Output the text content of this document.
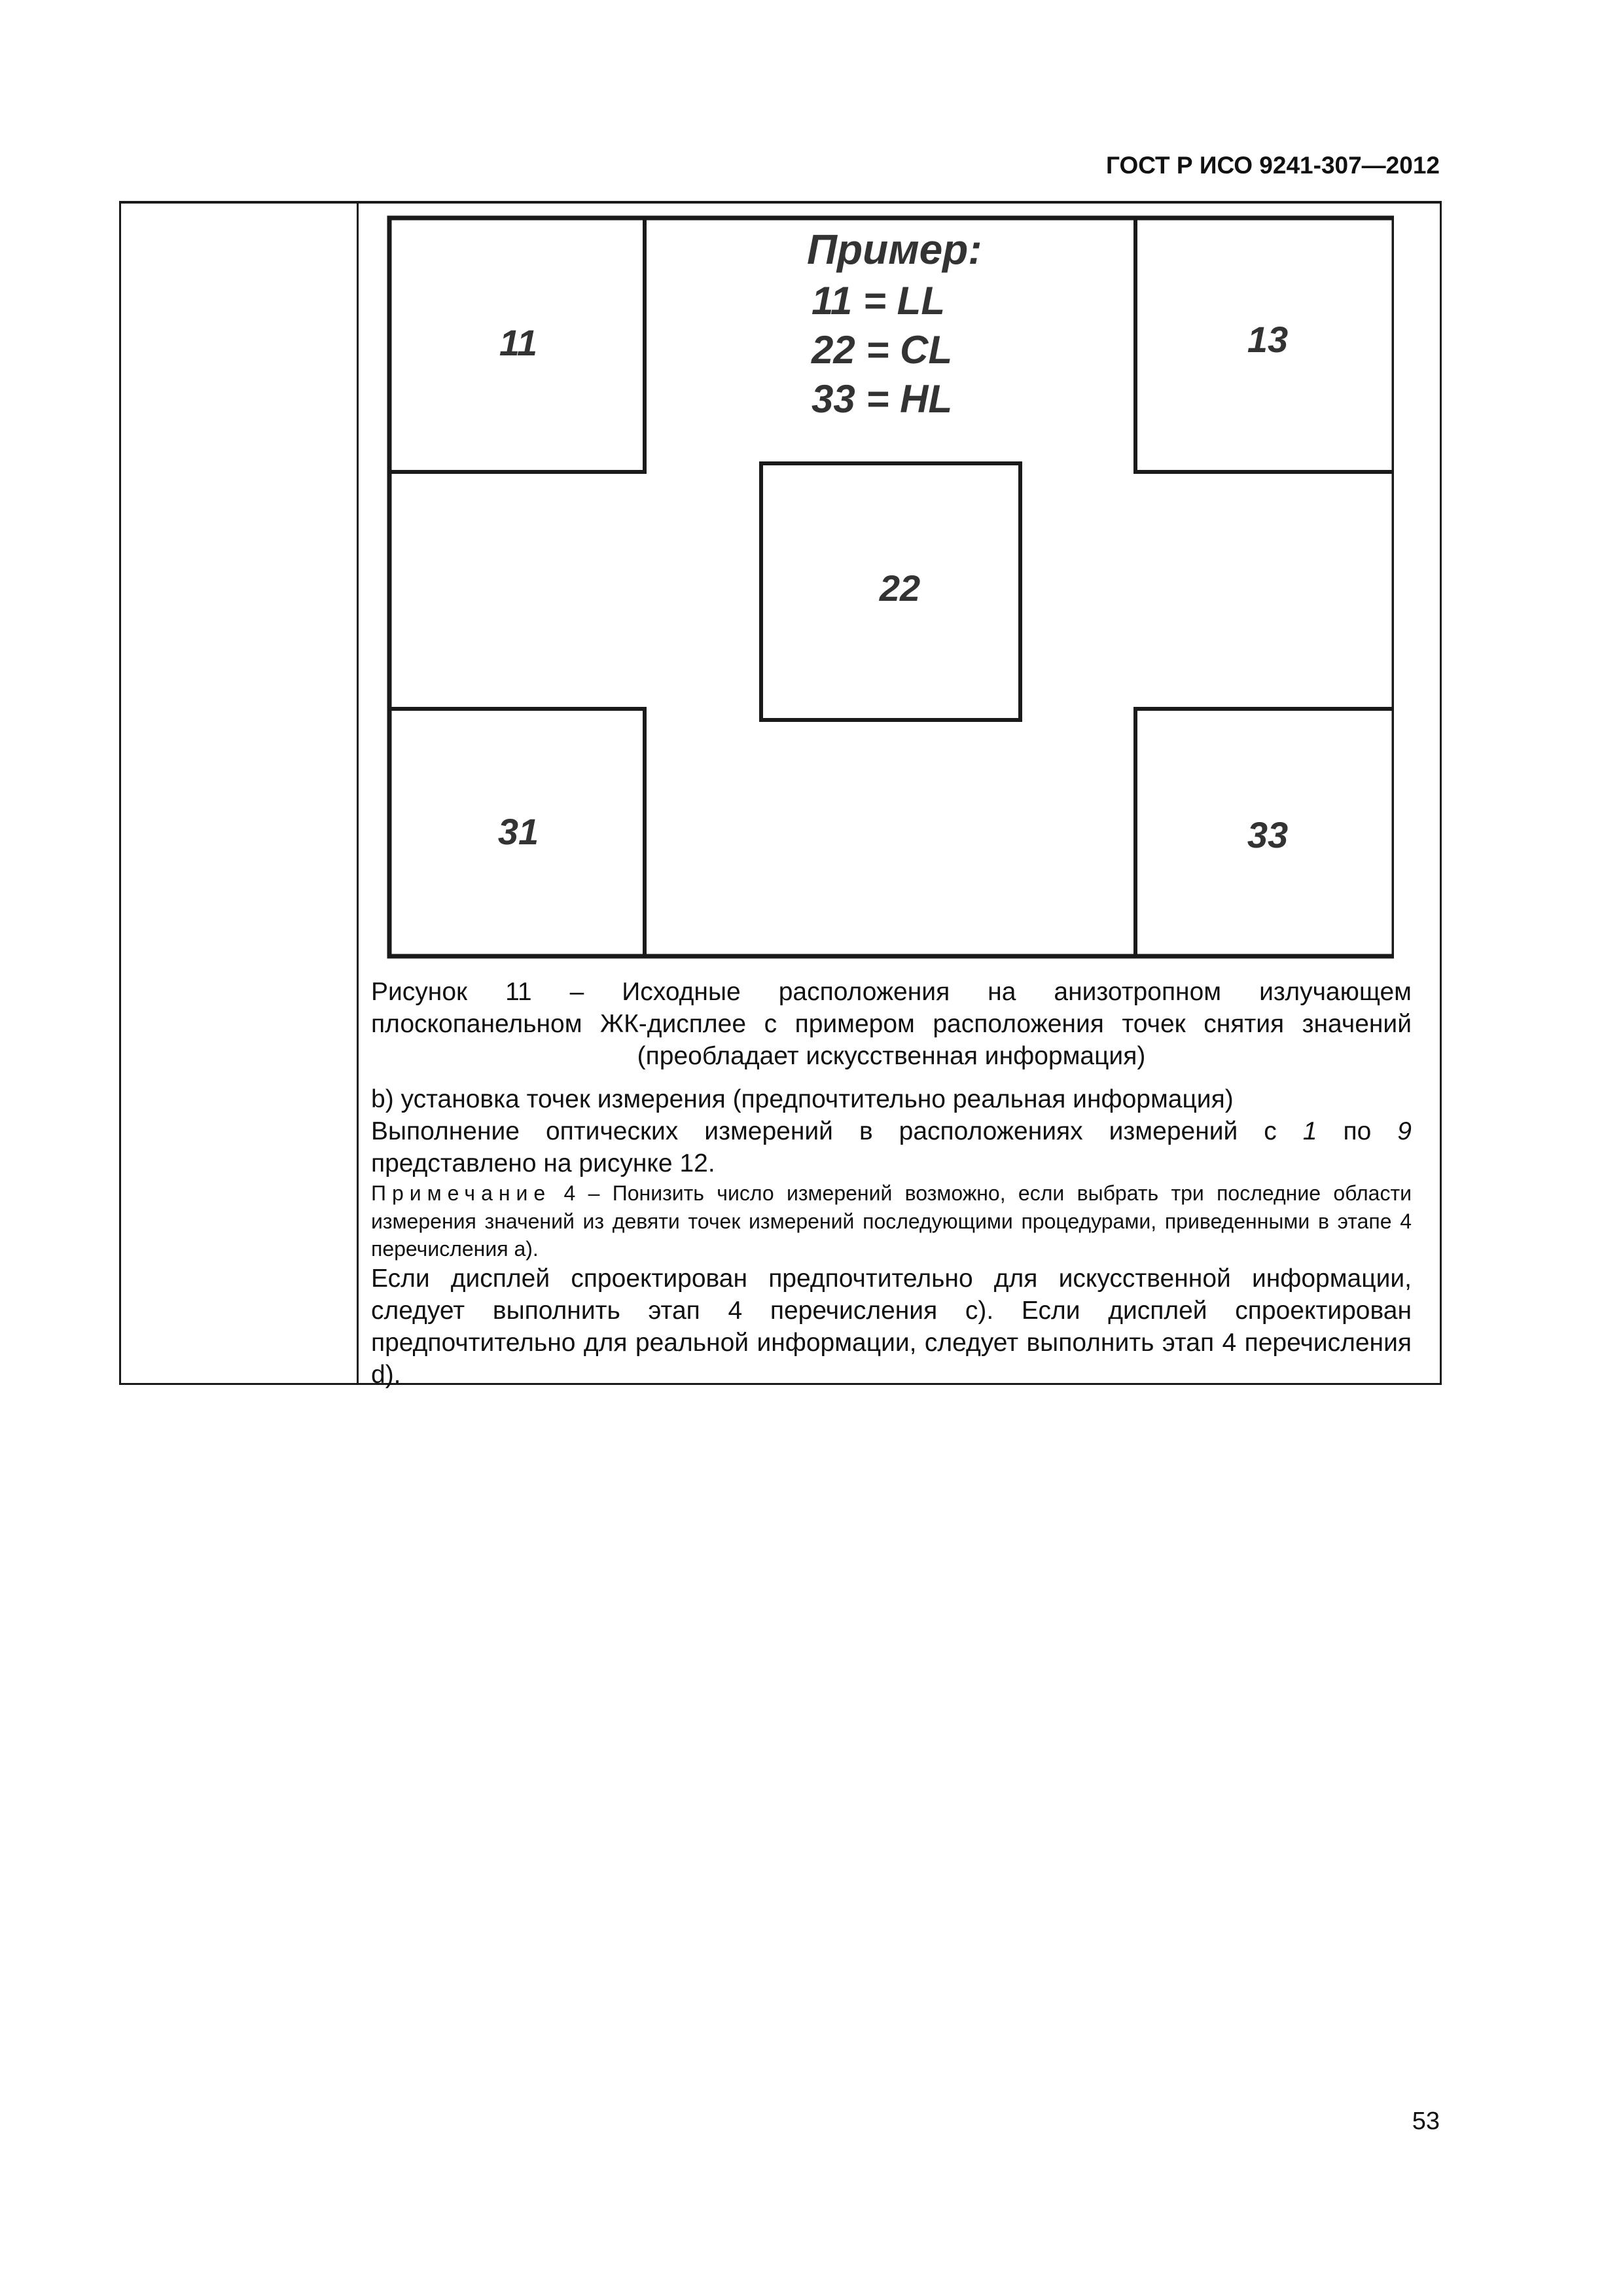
ГОСТ Р ИСО 9241-307—2012
11	13
22
31	33
Пример:
11 = LL
22 = CL
33 = HL
Рисунок 11 – Исходные расположения на анизотропном излучающем плоскопанельном ЖК-дисплее с примером расположения точек снятия значений (преобладает искусственная информация)
b) установка точек измерения (предпочтительно реальная информация)
Выполнение оптических измерений в расположениях измерений с 1 по 9 представлено на рисунке 12.
Примечание 4 – Понизить число измерений возможно, если выбрать три последние области измерения значений из девяти точек измерений последующими процедурами, приведенными в этапе 4 перечисления a).
Если дисплей спроектирован предпочтительно для искусственной информации, следует выполнить этап 4 перечисления c). Если дисплей спроектирован предпочтительно для реальной информации, следует выполнить этап 4 перечисления d).
53
